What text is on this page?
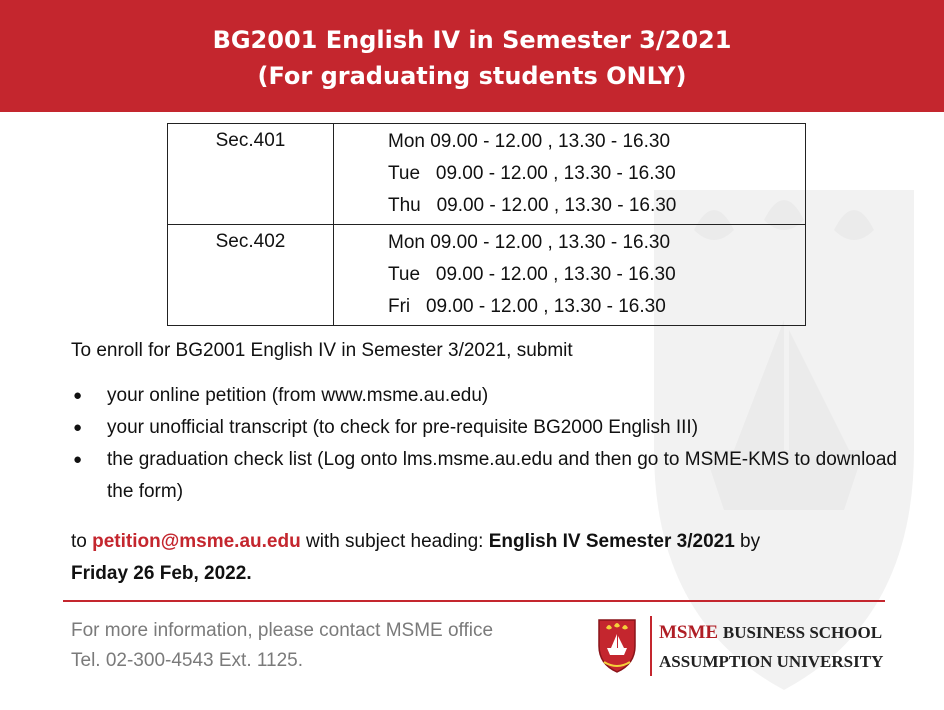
BG2001 English IV in Semester 3/2021
(For graduating students ONLY)
Sec.401	Mon 09.00 - 12.00 , 13.30 - 16.30
Tue   09.00 - 12.00 , 13.30 - 16.30
Thu   09.00 - 12.00 , 13.30 - 16.30

Sec.402	Mon 09.00 - 12.00 , 13.30 - 16.30
Tue   09.00 - 12.00 , 13.30 - 16.30
Fri   09.00 - 12.00 , 13.30 - 16.30
To enroll for BG2001 English IV in Semester 3/2021, submit
● your online petition (from www.msme.au.edu)
● your unofficial transcript (to check for pre-requisite BG2000 English III)
● the graduation check list (Log onto lms.msme.au.edu and then go to MSME-KMS to download the form)
to petition@msme.au.edu with subject heading: English IV Semester 3/2021 by
Friday 26 Feb, 2022.
For more information, please contact MSME office
Tel. 02-300-4543 Ext. 1125.
MSME BUSINESS SCHOOL
ASSUMPTION UNIVERSITY
